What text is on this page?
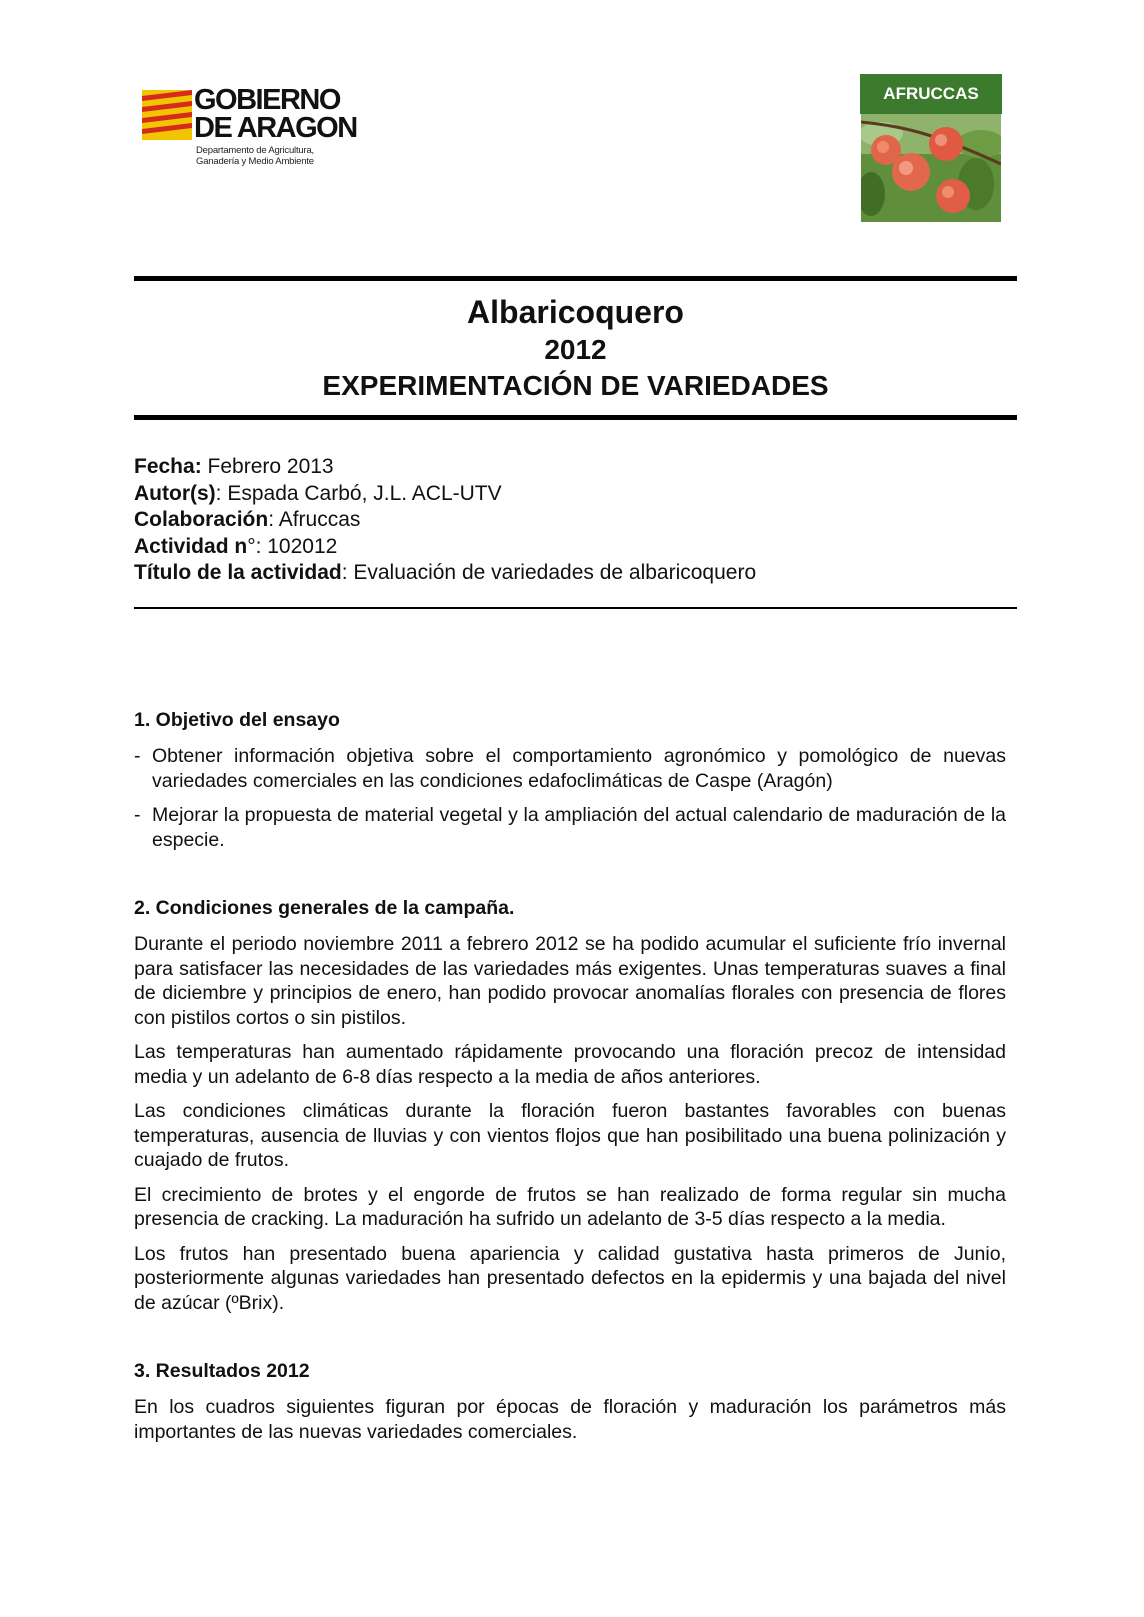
GOBIERNO
DE ARAGON
Departamento de Agricultura,
Ganadería y Medio Ambiente
AFRUCCAS
Albaricoquero
2012
EXPERIMENTACIÓN DE VARIEDADES
Fecha: Febrero 2013
Autor(s): Espada Carbó, J.L. ACL-UTV
Colaboración: Afruccas
Actividad n°: 102012
Título de la actividad: Evaluación de variedades de albaricoquero
1. Objetivo del ensayo
- Obtener información objetiva sobre el comportamiento agronómico y pomológico de nuevas variedades comerciales en las condiciones edafoclimáticas de Caspe (Aragón)
- Mejorar la propuesta de material vegetal y la ampliación del actual calendario de maduración de la especie.
2. Condiciones generales de la campaña.
Durante el periodo noviembre 2011 a febrero 2012 se ha podido acumular el suficiente frío invernal para satisfacer las necesidades de las variedades más exigentes. Unas temperaturas suaves a final de diciembre y principios de enero, han podido provocar anomalías florales con presencia de flores con pistilos cortos o sin pistilos.
Las temperaturas han aumentado rápidamente provocando una floración precoz de intensidad media y un adelanto de 6-8 días respecto a la media de años anteriores.
Las condiciones climáticas durante la floración fueron bastantes favorables con buenas temperaturas, ausencia de lluvias y con vientos flojos que han posibilitado una buena polinización y cuajado de frutos.
El crecimiento de brotes y el engorde de frutos se han realizado de forma regular sin mucha presencia de cracking. La maduración ha sufrido un adelanto de 3-5 días respecto a la media.
Los frutos han presentado buena apariencia y calidad gustativa hasta primeros de Junio, posteriormente algunas variedades han presentado defectos en la epidermis y una bajada del nivel de azúcar (ºBrix).
3. Resultados 2012
En los cuadros siguientes figuran por épocas de floración y maduración los parámetros más importantes de las nuevas variedades comerciales.
